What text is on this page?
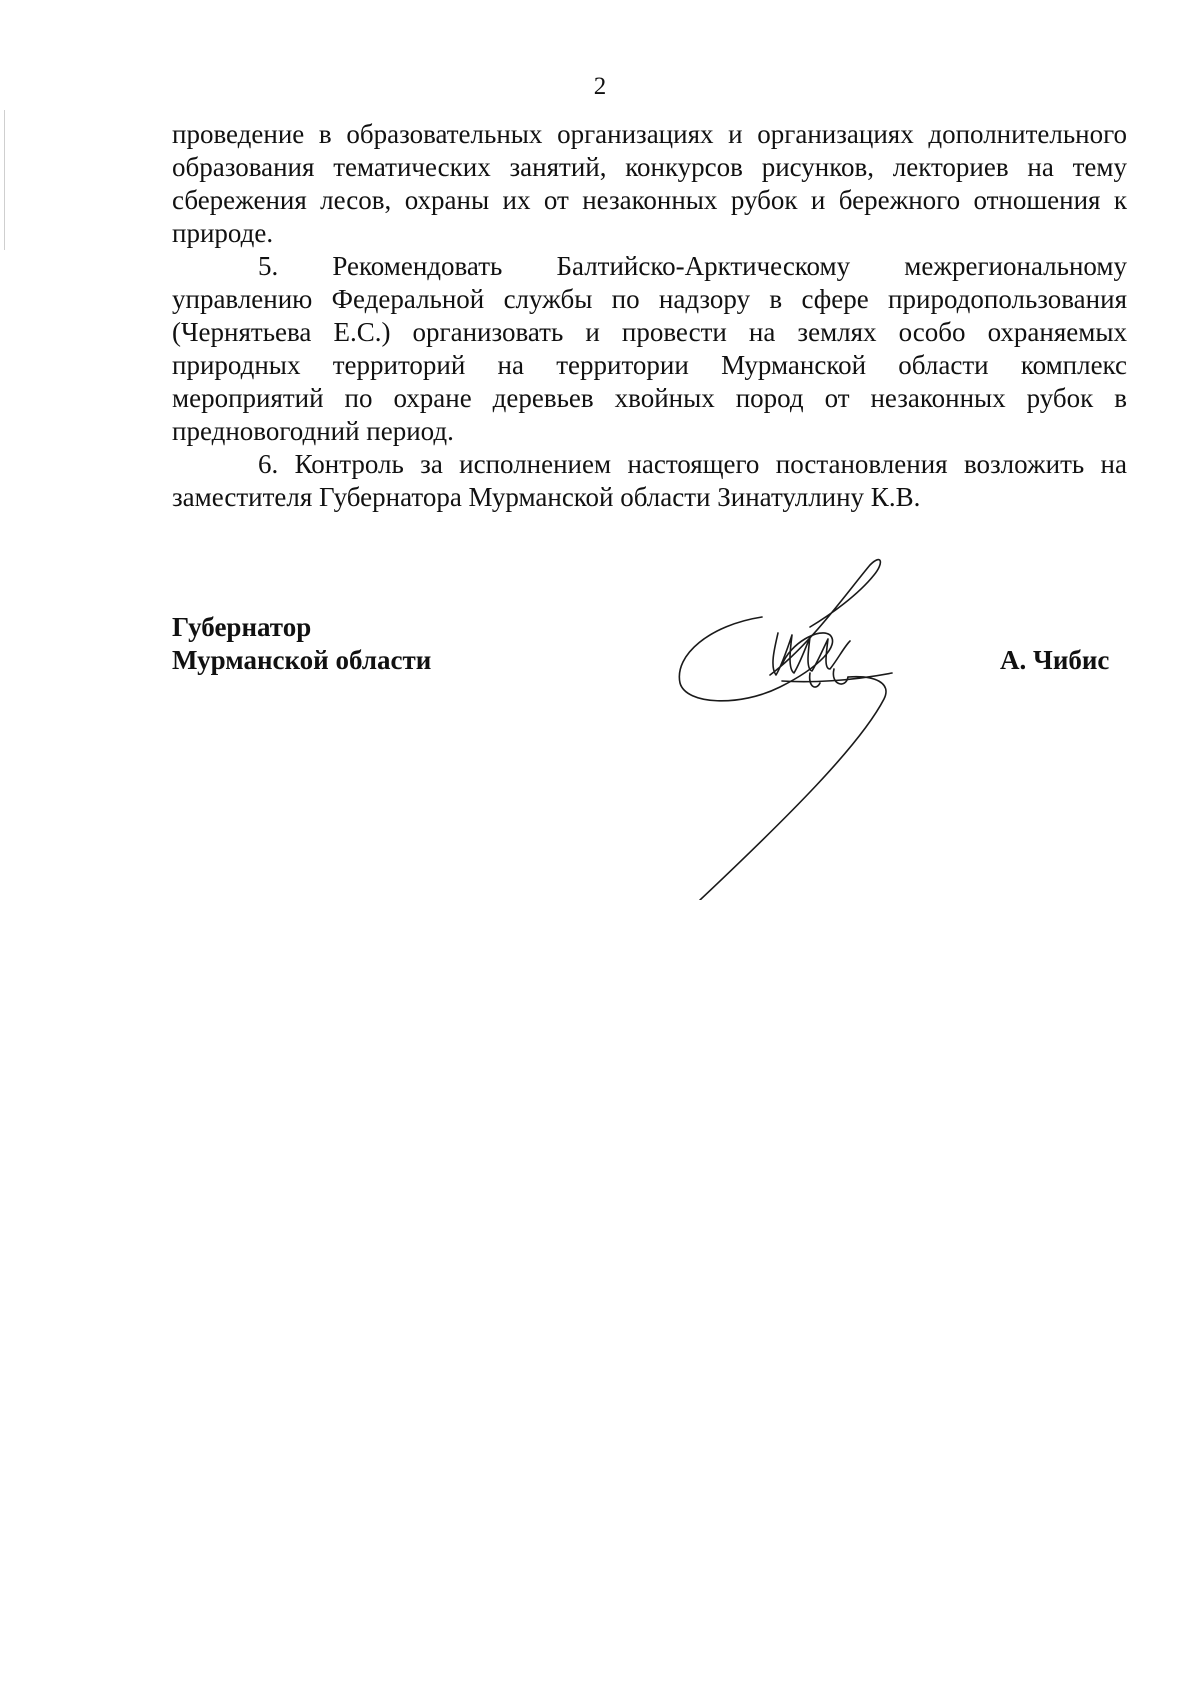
2

проведение в образовательных организациях и организациях дополнительного образования тематических занятий, конкурсов рисунков, лекториев на тему сбережения лесов, охраны их от незаконных рубок и бережного отношения к природе.

5. Рекомендовать Балтийско-Арктическому межрегиональному управлению Федеральной службы по надзору в сфере природопользования (Чернятьева Е.С.) организовать и провести на землях особо охраняемых природных территорий на территории Мурманской области комплекс мероприятий по охране деревьев хвойных пород от незаконных рубок в предновогодний период.

6. Контроль за исполнением настоящего постановления возложить на заместителя Губернатора Мурманской области Зинатуллину К.В.

Губернатор
Мурманской области	А. Чибис
